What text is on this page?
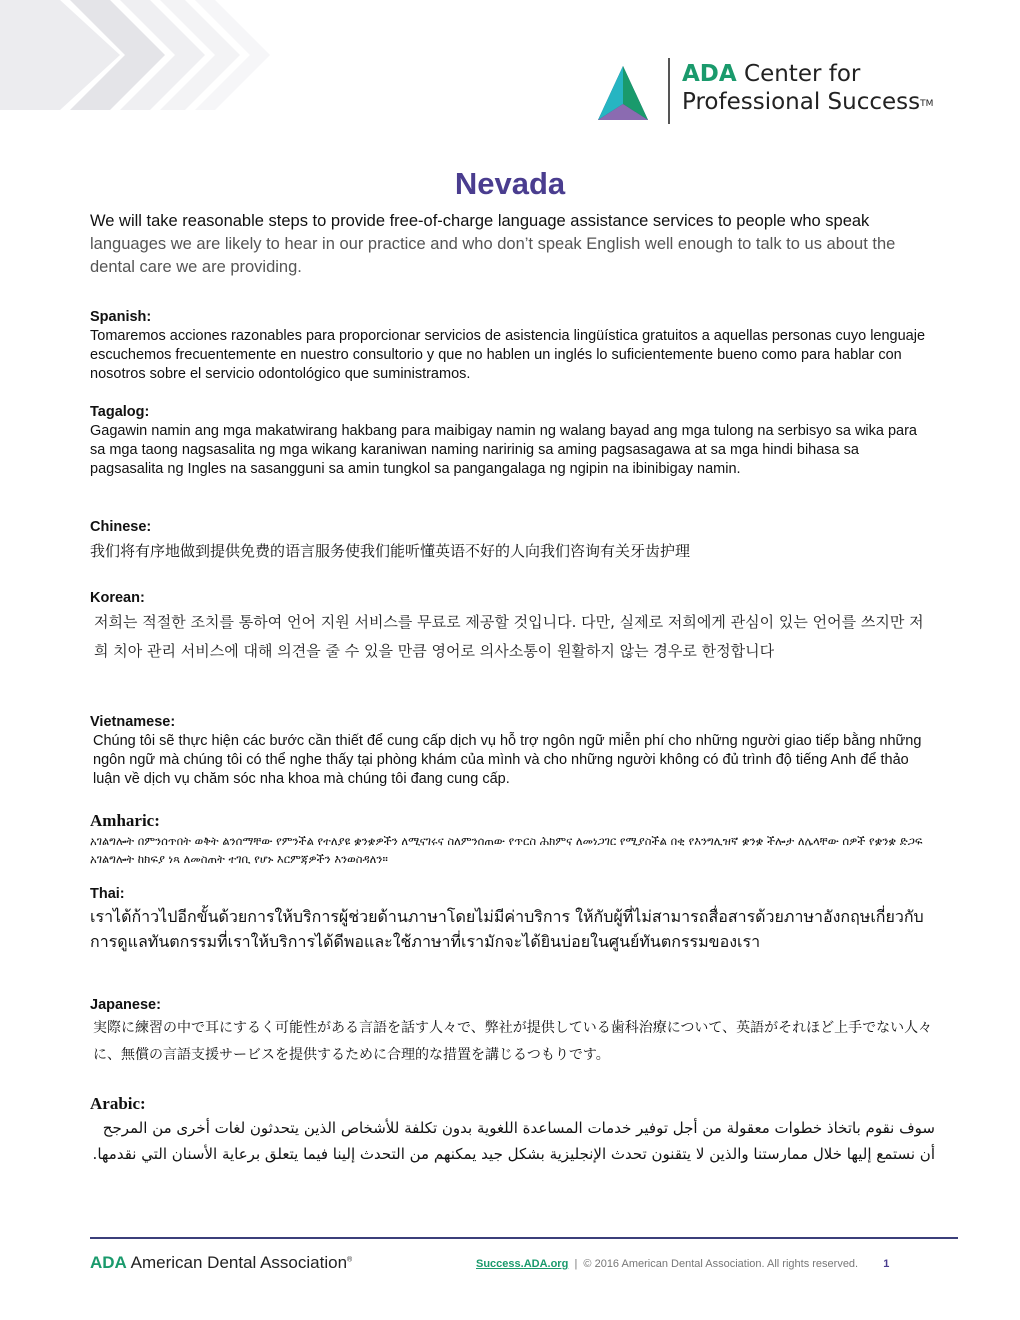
ADA Center for
Professional Success™
Nevada
We will take reasonable steps to provide free-of-charge language assistance services to people who speak languages we are likely to hear in our practice and who don’t speak English well enough to talk to us about the dental care we are providing.
Spanish:
Tomaremos acciones razonables para proporcionar servicios de asistencia lingüística gratuitos a aquellas personas cuyo lenguaje escuchemos frecuentemente en nuestro consultorio y que no hablen un inglés lo suficientemente bueno como para hablar con nosotros sobre el servicio odontológico que suministramos.
Tagalog:
Gagawin namin ang mga makatwirang hakbang para maibigay namin ng walang bayad ang mga tulong na serbisyo sa wika para sa mga taong nagsasalita ng mga wikang karaniwan naming naririnig sa aming pagsasagawa at sa mga hindi bihasa sa pagsasalita ng Ingles na sasangguni sa amin tungkol sa pangangalaga ng ngipin na ibinibigay namin.
Chinese:
我们将有序地做到提供免费的语言服务使我们能听懂英语不好的人向我们咨询有关牙齿护理
Korean:
저희는 적절한 조치를 통하여 언어 지원 서비스를 무료로 제공할 것입니다. 다만, 실제로 저희에게 관심이 있는 언어를 쓰지만 저희 치아 관리 서비스에 대해 의견을 줄 수 있을 만큼 영어로 의사소통이 원활하지 않는 경우로 한정합니다
Vietnamese:
Chúng tôi sẽ thực hiện các bước cần thiết để cung cấp dịch vụ hỗ trợ ngôn ngữ miễn phí cho những người giao tiếp bằng những ngôn ngữ mà chúng tôi có thể nghe thấy tại phòng khám của mình và cho những người không có đủ trình độ tiếng Anh để thảo luận về dịch vụ chăm sóc nha khoa mà chúng tôi đang cung cấp.
Amharic:
አገልግሎት በምንሰጥበት ወቅት ልንሰማቸው የምንችል የተለያዩ ቋንቋዎችን ለሚናገሩና ስለምንሰጠው የጥርስ ሕክምና ለመነጋገር የሚያስችል በቂ የእንግሊዝኛ ቋንቋ ችሎታ ለሌላቸው ሰዎች የቋንቋ ድጋፍ አገልግሎት ከክፍያ ነጻ ለመስጠት ተገቢ የሆኑ እርምጃዎችን እንወስዳለን።
Thai:
เราได้ก้าวไปอีกขั้นด้วยการให้บริการผู้ช่วยด้านภาษาโดยไม่มีค่าบริการ ให้กับผู้ที่ไม่สามารถสื่อสารด้วยภาษาอังกฤษเกี่ยวกับการดูแลทันตกรรมที่เราให้บริการได้ดีพอและใช้ภาษาที่เรามักจะได้ยินบ่อยในศูนย์ทันตกรรมของเรา
Japanese:
実際に練習の中で耳にするく可能性がある言語を話す人々で、弊社が提供している歯科治療について、英語がそれほど上手でない人々に、無償の言語支援サービスを提供するために合理的な措置を講じるつもりです。
Arabic:
سوف نقوم باتخاذ خطوات معقولة من أجل توفير خدمات المساعدة اللغوية بدون تكلفة للأشخاص الذين يتحدثون لغات أخرى من المرجح أن نستمع إليها خلال ممارستنا والذين لا يتقنون تحدث الإنجليزية بشكل جيد يمكنهم من التحدث إلينا فيما يتعلق برعاية الأسنان التي نقدمها.
ADA American Dental Association®	Success.ADA.org | © 2016 American Dental Association. All rights reserved. 1
